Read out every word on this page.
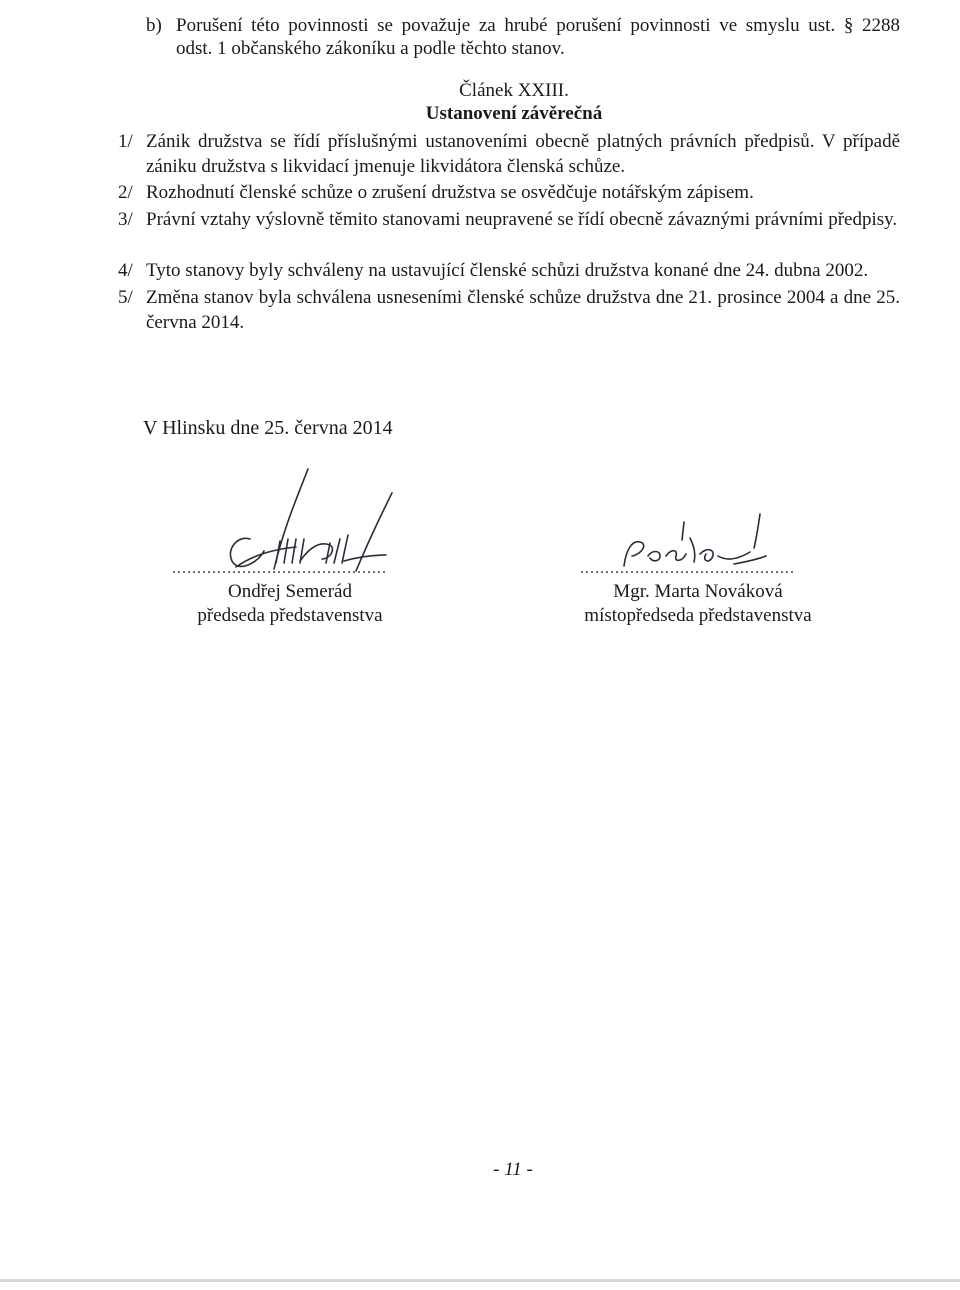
b) Porušení této povinnosti se považuje za hrubé porušení povinnosti ve smyslu ust. § 2288
odst. 1 občanského zákoníku a podle těchto stanov.
Článek XXIII.
Ustanovení závěrečná
1/ Zánik družstva se řídí příslušnými ustanoveními obecně platných právních předpisů. V případě zániku družstva s likvidací jmenuje likvidátora členská schůze.
2/ Rozhodnutí členské schůze o zrušení družstva se osvědčuje notářským zápisem.
3/ Právní vztahy výslovně těmito stanovami neupravené se řídí obecně závaznými právními předpisy.
4/ Tyto stanovy byly schváleny na ustavující členské schůzi družstva konané dne 24. dubna 2002.
5/ Změna stanov byla schválena usneseními členské schůze družstva dne 21. prosince 2004 a dne 25. června 2014.
V Hlinsku dne 25. června 2014
...........................................
Ondřej Semerád
předseda představenstva
...........................................
Mgr. Marta Nováková
místopředseda představenstva
- 11 -
